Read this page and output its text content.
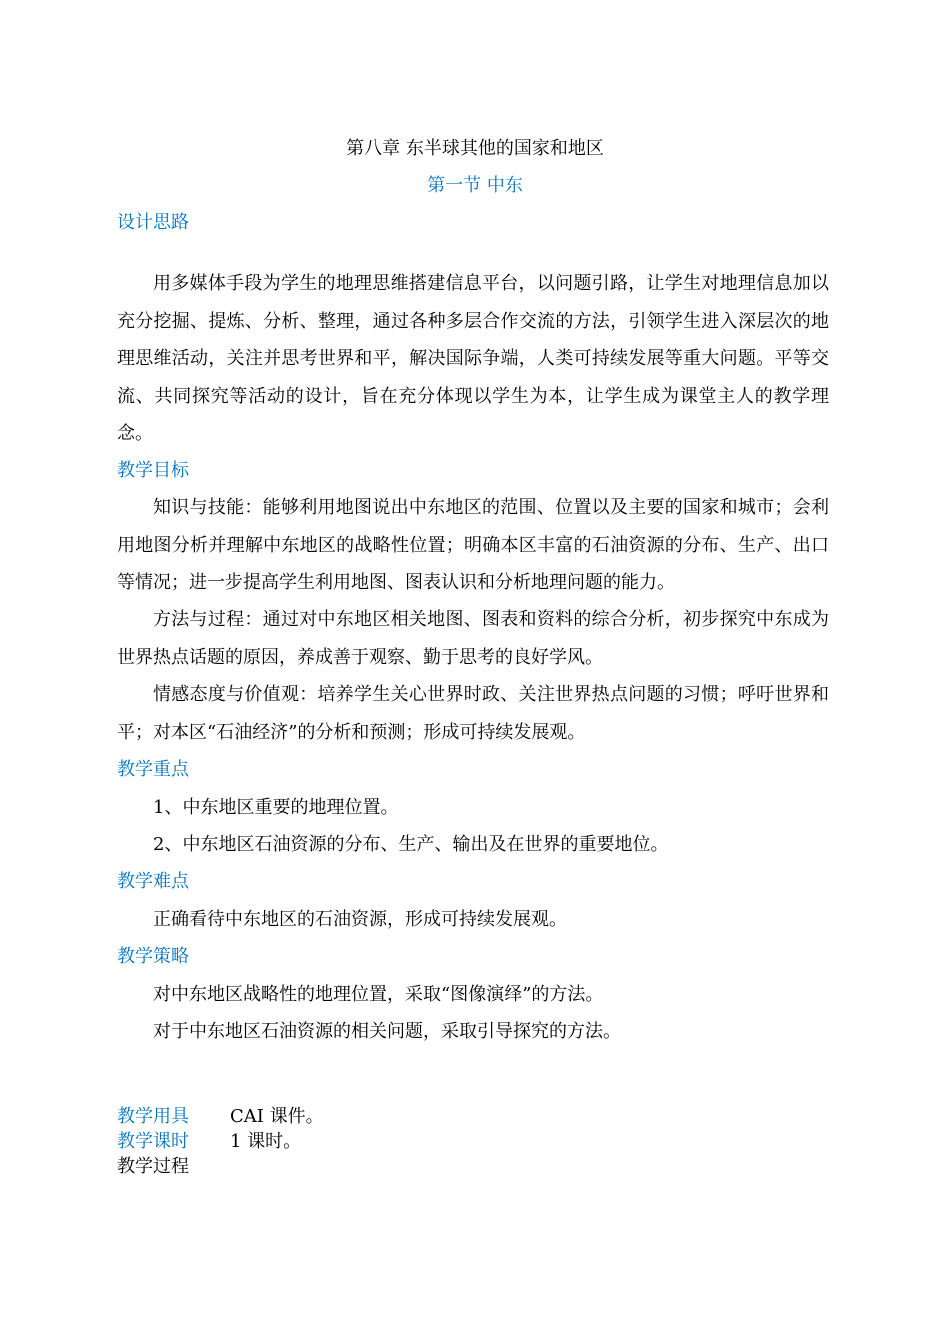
第八章 东半球其他的国家和地区
第一节 中东
设计思路

用多媒体手段为学生的地理思维搭建信息平台，以问题引路，让学生对地理信息加以充分挖掘、提炼、分析、整理，通过各种多层合作交流的方法，引领学生进入深层次的地理思维活动，关注并思考世界和平，解决国际争端，人类可持续发展等重大问题。平等交流、共同探究等活动的设计，旨在充分体现以学生为本，让学生成为课堂主人的教学理念。

教学目标

知识与技能：能够利用地图说出中东地区的范围、位置以及主要的国家和城市；会利用地图分析并理解中东地区的战略性位置；明确本区丰富的石油资源的分布、生产、出口等情况；进一步提高学生利用地图、图表认识和分析地理问题的能力。

方法与过程：通过对中东地区相关地图、图表和资料的综合分析，初步探究中东成为世界热点话题的原因，养成善于观察、勤于思考的良好学风。

情感态度与价值观：培养学生关心世界时政、关注世界热点问题的习惯；呼吁世界和平；对本区“石油经济”的分析和预测；形成可持续发展观。

教学重点
1、中东地区重要的地理位置。
2、中东地区石油资源的分布、生产、输出及在世界的重要地位。
教学难点
正确看待中东地区的石油资源，形成可持续发展观。
教学策略
对中东地区战略性的地理位置，采取“图像演绎”的方法。
对于中东地区石油资源的相关问题，采取引导探究的方法。
教学用具 CAI 课件。
教学课时 1 课时。
教学过程
